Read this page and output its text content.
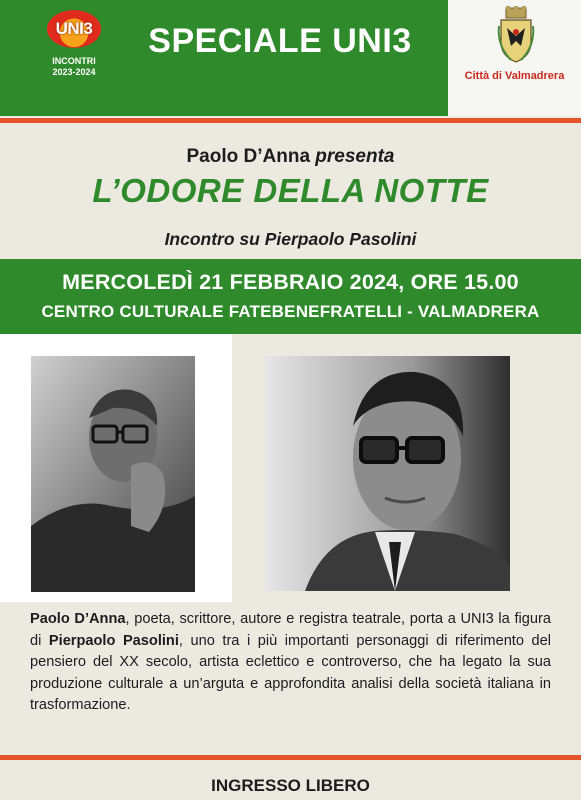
UNI3
INCONTRI
2023-2024
SPECIALE UNI3
Città di Valmadrera
Paolo D’Anna presenta
L’ODORE DELLA NOTTE
Incontro su Pierpaolo Pasolini
MERCOLEDÌ 21 FEBBRAIO 2024, ORE 15.00
CENTRO CULTURALE FATEBENEFRATELLI - VALMADRERA
Paolo D’Anna, poeta, scrittore, autore e registra teatrale, porta a UNI3 la figura di Pierpaolo Pasolini, uno tra i più importanti personaggi di riferimento del pensiero del XX secolo, artista eclettico e controverso, che ha legato la sua produzione culturale a un’arguta e approfondita analisi della società italiana in trasformazione.
INGRESSO LIBERO
